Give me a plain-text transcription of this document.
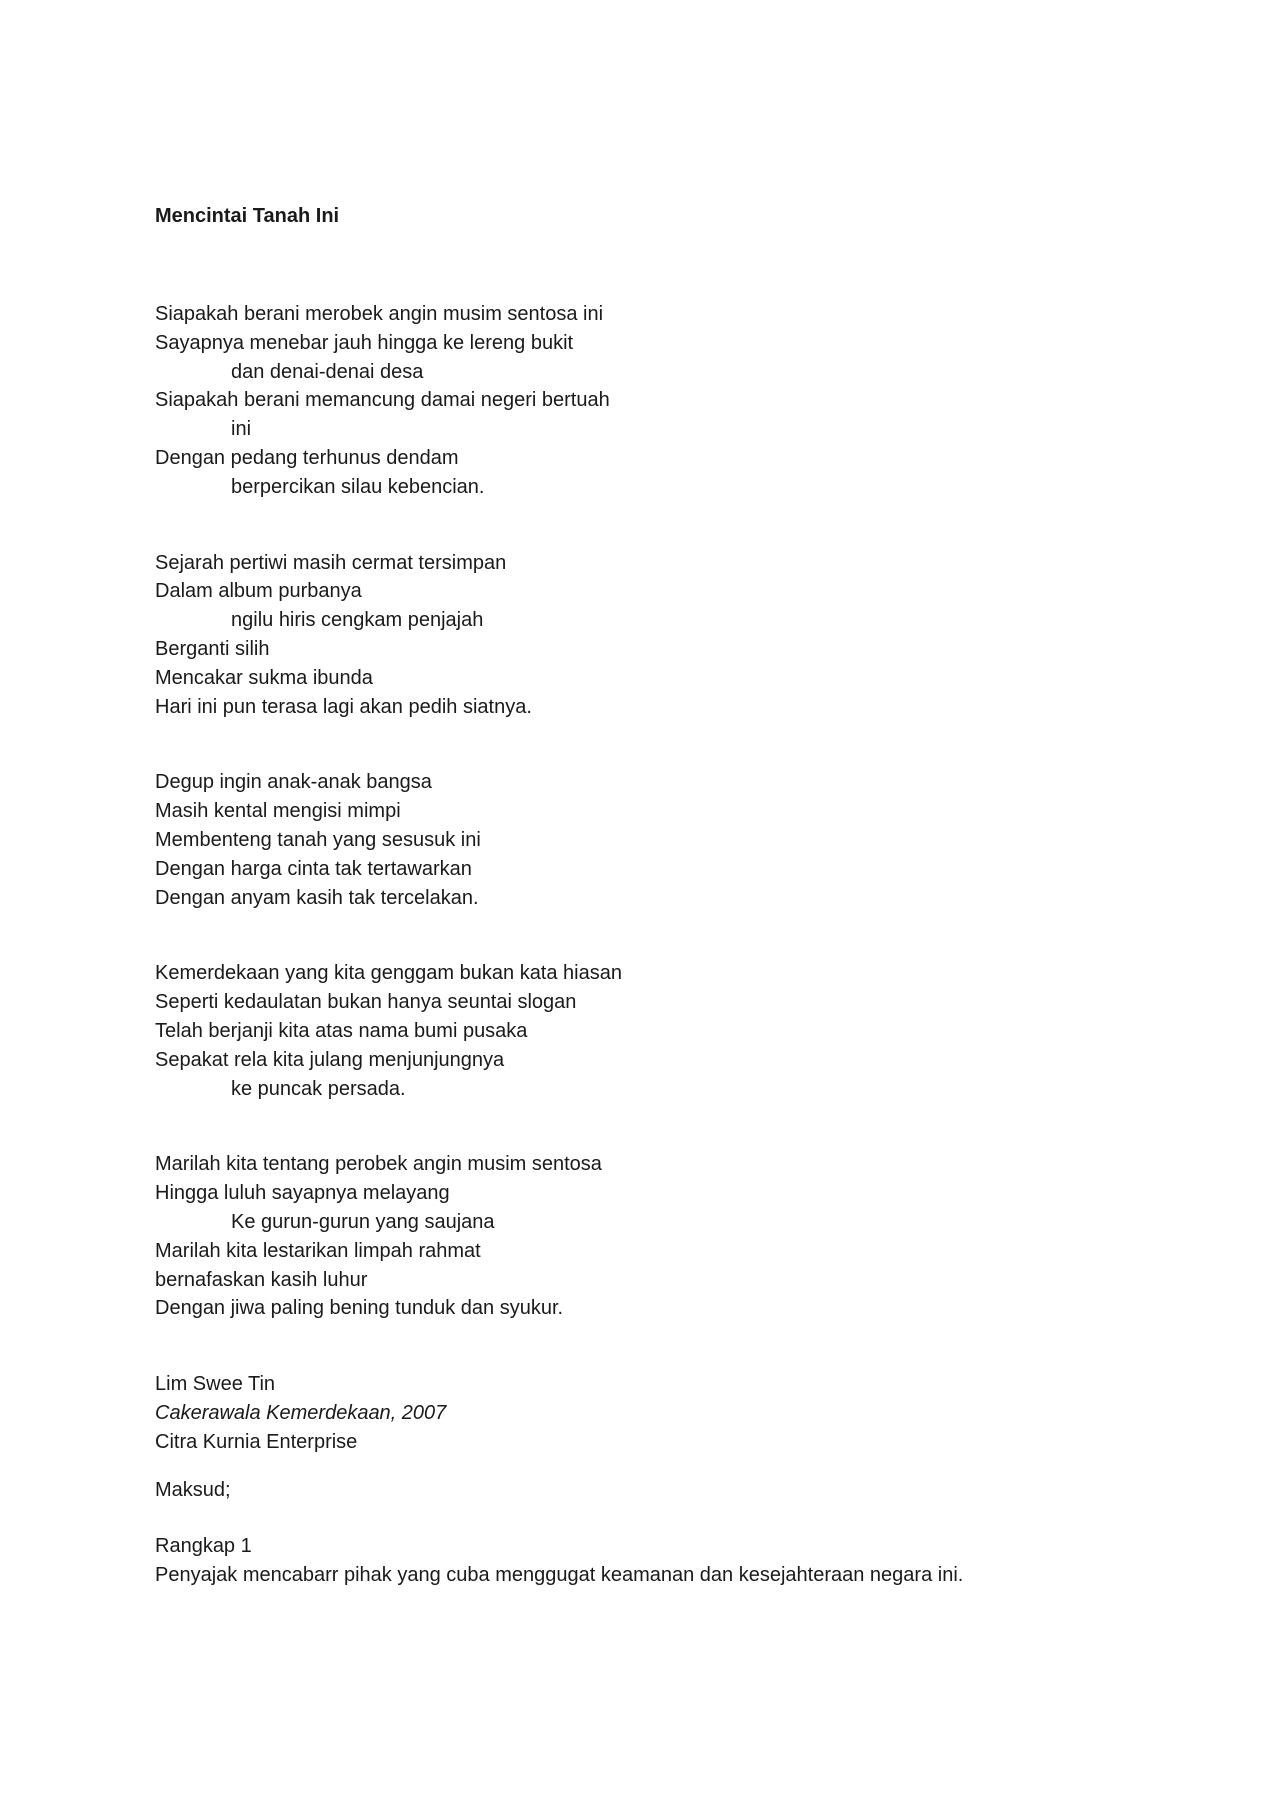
Mencintai Tanah Ini
Siapakah berani merobek angin musim sentosa ini
Sayapnya menebar jauh hingga ke lereng bukit
dan denai-denai desa
Siapakah berani memancung damai negeri bertuah
ini
Dengan pedang terhunus dendam
berpercikan silau kebencian.
Sejarah pertiwi masih cermat tersimpan
Dalam album purbanya
ngilu hiris cengkam penjajah
Berganti silih
Mencakar sukma ibunda
Hari ini pun terasa lagi akan pedih siatnya.
Degup ingin anak-anak bangsa
Masih kental mengisi mimpi
Membenteng tanah yang sesusuk ini
Dengan harga cinta tak tertawarkan
Dengan anyam kasih tak tercelakan.
Kemerdekaan yang kita genggam bukan kata hiasan
Seperti kedaulatan bukan hanya seuntai slogan
Telah berjanji kita atas nama bumi pusaka
Sepakat rela kita julang menjunjungnya
ke puncak persada.
Marilah kita tentang perobek angin musim sentosa
Hingga luluh sayapnya melayang
Ke gurun-gurun yang saujana
Marilah kita lestarikan limpah rahmat
bernafaskan kasih luhur
Dengan jiwa paling bening tunduk dan syukur.
Lim Swee Tin
Cakerawala Kemerdekaan, 2007
Citra Kurnia Enterprise
Maksud;
Rangkap 1
Penyajak mencabarr pihak yang cuba menggugat keamanan dan kesejahteraan negara ini.
